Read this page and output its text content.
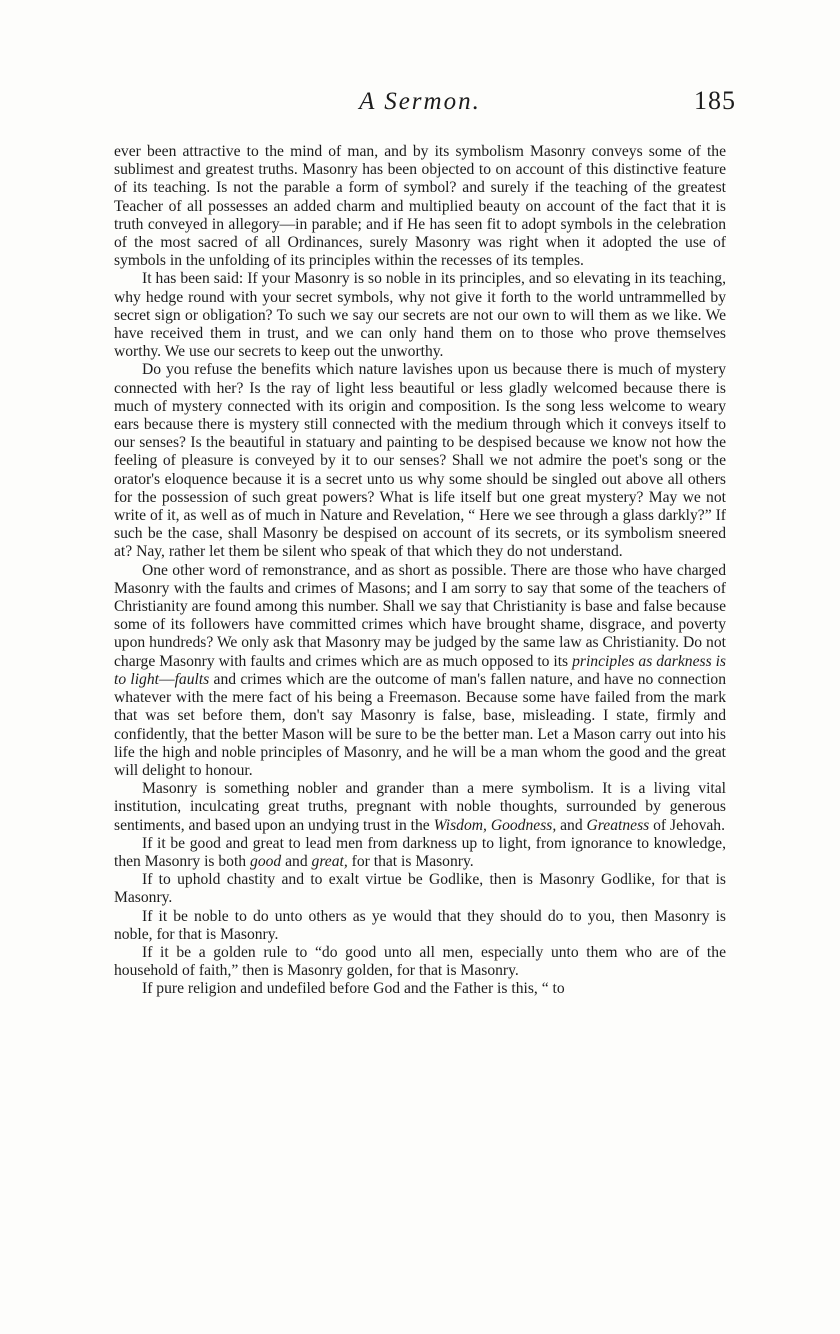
A Sermon.	185

ever been attractive to the mind of man, and by its symbolism Masonry conveys some of the sublimest and greatest truths. Masonry has been objected to on account of this distinctive feature of its teaching. Is not the parable a form of symbol? and surely if the teaching of the greatest Teacher of all possesses an added charm and multiplied beauty on account of the fact that it is truth conveyed in allegory—in parable; and if He has seen fit to adopt symbols in the celebration of the most sacred of all Ordinances, surely Masonry was right when it adopted the use of symbols in the unfolding of its principles within the recesses of its temples.

It has been said: If your Masonry is so noble in its principles, and so elevating in its teaching, why hedge round with your secret symbols, why not give it forth to the world untrammelled by secret sign or obligation? To such we say our secrets are not our own to will them as we like. We have received them in trust, and we can only hand them on to those who prove themselves worthy. We use our secrets to keep out the unworthy.

Do you refuse the benefits which nature lavishes upon us because there is much of mystery connected with her? Is the ray of light less beautiful or less gladly welcomed because there is much of mystery connected with its origin and composition. Is the song less welcome to weary ears because there is mystery still connected with the medium through which it conveys itself to our senses? Is the beautiful in statuary and painting to be despised because we know not how the feeling of pleasure is conveyed by it to our senses? Shall we not admire the poet's song or the orator's eloquence because it is a secret unto us why some should be singled out above all others for the possession of such great powers? What is life itself but one great mystery? May we not write of it, as well as of much in Nature and Revelation, “ Here we see through a glass darkly?” If such be the case, shall Masonry be despised on account of its secrets, or its symbolism sneered at? Nay, rather let them be silent who speak of that which they do not understand.

One other word of remonstrance, and as short as possible. There are those who have charged Masonry with the faults and crimes of Masons; and I am sorry to say that some of the teachers of Christianity are found among this number. Shall we say that Christianity is base and false because some of its followers have committed crimes which have brought shame, disgrace, and poverty upon hundreds? We only ask that Masonry may be judged by the same law as Christianity. Do not charge Masonry with faults and crimes which are as much opposed to its principles as darkness is to light—faults and crimes which are the outcome of man's fallen nature, and have no connection whatever with the mere fact of his being a Freemason. Because some have failed from the mark that was set before them, don't say Masonry is false, base, misleading. I state, firmly and confidently, that the better Mason will be sure to be the better man. Let a Mason carry out into his life the high and noble principles of Masonry, and he will be a man whom the good and the great will delight to honour.

Masonry is something nobler and grander than a mere symbolism. It is a living vital institution, inculcating great truths, pregnant with noble thoughts, surrounded by generous sentiments, and based upon an undying trust in the Wisdom, Goodness, and Greatness of Jehovah.

If it be good and great to lead men from darkness up to light, from ignorance to knowledge, then Masonry is both good and great, for that is Masonry.

If to uphold chastity and to exalt virtue be Godlike, then is Masonry Godlike, for that is Masonry.

If it be noble to do unto others as ye would that they should do to you, then Masonry is noble, for that is Masonry.

If it be a golden rule to “do good unto all men, especially unto them who are of the household of faith,” then is Masonry golden, for that is Masonry.

If pure religion and undefiled before God and the Father is this, “ to
